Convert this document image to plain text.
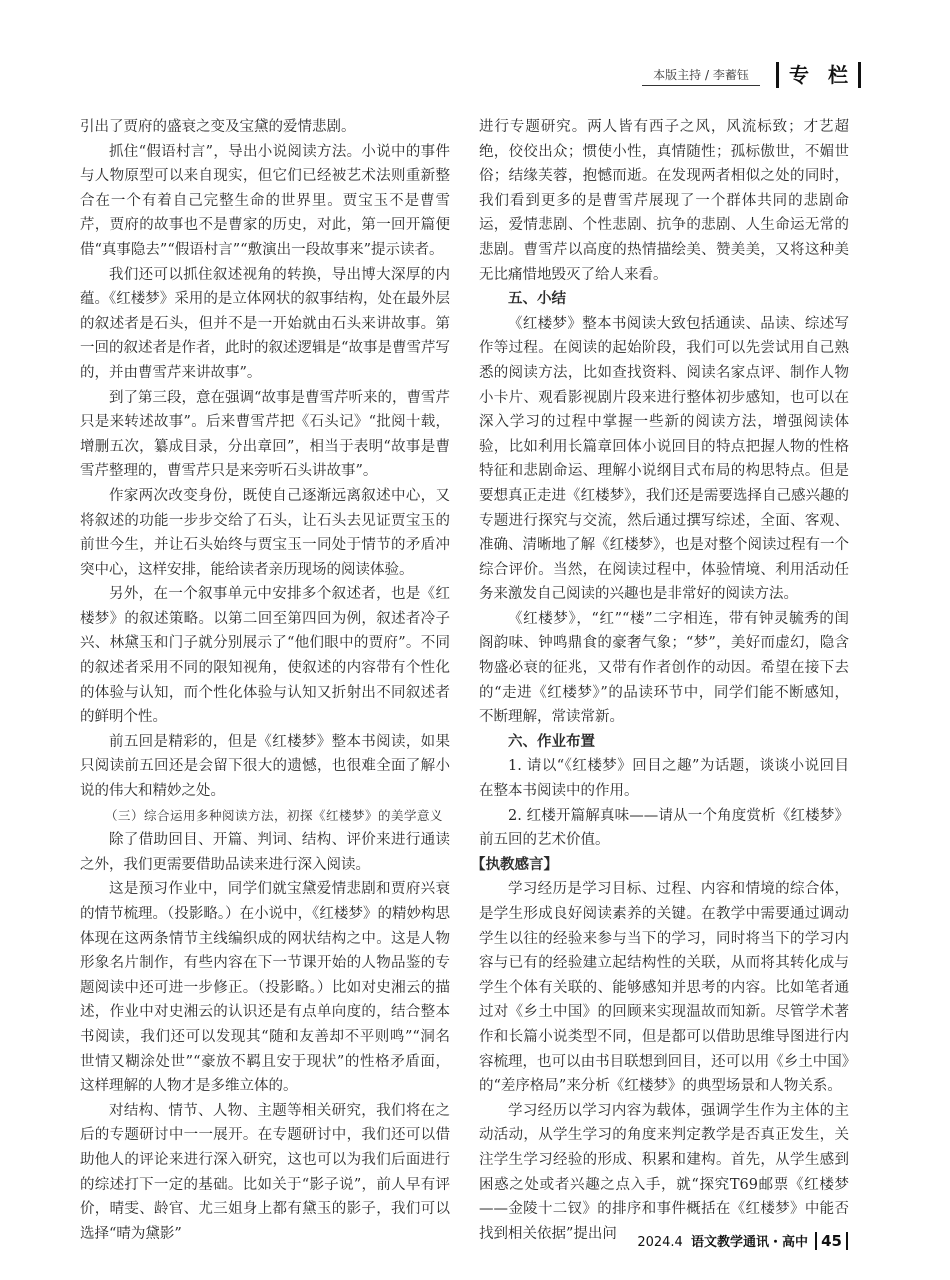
本版主持 / 李蓄钰	专 栏

引出了贾府的盛衰之变及宝黛的爱情悲剧。

抓住“假语村言”，导出小说阅读方法。小说中的事件与人物原型可以来自现实，但它们已经被艺术法则重新整合在一个有着自己完整生命的世界里。贾宝玉不是曹雪芹，贾府的故事也不是曹家的历史，对此，第一回开篇便借“真事隐去”“假语村言”“敷演出一段故事来”提示读者。

我们还可以抓住叙述视角的转换，导出博大深厚的内蕴。《红楼梦》采用的是立体网状的叙事结构，处在最外层的叙述者是石头，但并不是一开始就由石头来讲故事。第一回的叙述者是作者，此时的叙述逻辑是“故事是曹雪芹写的，并由曹雪芹来讲故事”。

到了第三段，意在强调“故事是曹雪芹听来的，曹雪芹只是来转述故事”。后来曹雪芹把《石头记》“批阅十载，增删五次，纂成目录，分出章回”，相当于表明“故事是曹雪芹整理的，曹雪芹只是来旁听石头讲故事”。

作家两次改变身份，既使自己逐渐远离叙述中心，又将叙述的功能一步步交给了石头，让石头去见证贾宝玉的前世今生，并让石头始终与贾宝玉一同处于情节的矛盾冲突中心，这样安排，能给读者亲历现场的阅读体验。

另外，在一个叙事单元中安排多个叙述者，也是《红楼梦》的叙述策略。以第二回至第四回为例，叙述者冷子兴、林黛玉和门子就分别展示了“他们眼中的贾府”。不同的叙述者采用不同的限知视角，使叙述的内容带有个性化的体验与认知，而个性化体验与认知又折射出不同叙述者的鲜明个性。

前五回是精彩的，但是《红楼梦》整本书阅读，如果只阅读前五回还是会留下很大的遗憾，也很难全面了解小说的伟大和精妙之处。

（三）综合运用多种阅读方法，初探《红楼梦》的美学意义

除了借助回目、开篇、判词、结构、评价来进行通读之外，我们更需要借助品读来进行深入阅读。

这是预习作业中，同学们就宝黛爱情悲剧和贾府兴衰的情节梳理。（投影略。）在小说中，《红楼梦》的精妙构思体现在这两条情节主线编织成的网状结构之中。这是人物形象名片制作，有些内容在下一节课开始的人物品鉴的专题阅读中还可进一步修正。（投影略。）比如对史湘云的描述，作业中对史湘云的认识还是有点单向度的，结合整本书阅读，我们还可以发现其“随和友善却不平则鸣”“洞名世情又糊涂处世”“豪放不羁且安于现状”的性格矛盾面，这样理解的人物才是多维立体的。

对结构、情节、人物、主题等相关研究，我们将在之后的专题研讨中一一展开。在专题研讨中，我们还可以借助他人的评论来进行深入研究，这也可以为我们后面进行的综述打下一定的基础。比如关于“影子说”，前人早有评价，晴雯、龄官、尤三姐身上都有黛玉的影子，我们可以选择“晴为黛影”

进行专题研究。两人皆有西子之风，风流标致；才艺超绝，佼佼出众；惯使小性，真情随性；孤标傲世，不媚世俗；结缘芙蓉，抱憾而逝。在发现两者相似之处的同时，我们看到更多的是曹雪芹展现了一个群体共同的悲剧命运，爱情悲剧、个性悲剧、抗争的悲剧、人生命运无常的悲剧。曹雪芹以高度的热情描绘美、赞美美，又将这种美无比痛惜地毁灭了给人来看。

五、小结

《红楼梦》整本书阅读大致包括通读、品读、综述写作等过程。在阅读的起始阶段，我们可以先尝试用自己熟悉的阅读方法，比如查找资料、阅读名家点评、制作人物小卡片、观看影视剧片段来进行整体初步感知，也可以在深入学习的过程中掌握一些新的阅读方法，增强阅读体验，比如利用长篇章回体小说回目的特点把握人物的性格特征和悲剧命运、理解小说纲目式布局的构思特点。但是要想真正走进《红楼梦》，我们还是需要选择自己感兴趣的专题进行探究与交流，然后通过撰写综述，全面、客观、准确、清晰地了解《红楼梦》，也是对整个阅读过程有一个综合评价。当然，在阅读过程中，体验情境、利用活动任务来激发自己阅读的兴趣也是非常好的阅读方法。

《红楼梦》，“红”“楼”二字相连，带有钟灵毓秀的闺阁韵味、钟鸣鼎食的豪奢气象；“梦”，美好而虚幻，隐含物盛必衰的征兆，又带有作者创作的动因。希望在接下去的“走进《红楼梦》”的品读环节中，同学们能不断感知，不断理解，常读常新。

六、作业布置

1. 请以“《红楼梦》回目之趣”为话题，谈谈小说回目在整本书阅读中的作用。

2. 红楼开篇解真味——请从一个角度赏析《红楼梦》前五回的艺术价值。

【执教感言】

学习经历是学习目标、过程、内容和情境的综合体，是学生形成良好阅读素养的关键。在教学中需要通过调动学生以往的经验来参与当下的学习，同时将当下的学习内容与已有的经验建立起结构性的关联，从而将其转化成与学生个体有关联的、能够感知并思考的内容。比如笔者通过对《乡土中国》的回顾来实现温故而知新。尽管学术著作和长篇小说类型不同，但是都可以借助思维导图进行内容梳理，也可以由书目联想到回目，还可以用《乡土中国》的“差序格局”来分析《红楼梦》的典型场景和人物关系。

学习经历以学习内容为载体，强调学生作为主体的主动活动，从学生学习的角度来判定教学是否真正发生，关注学生学习经验的形成、积累和建构。首先，从学生感到困惑之处或者兴趣之点入手，就“探究T69邮票《红楼梦——金陵十二钗》的排序和事件概括在《红楼梦》中能否找到相关依据”提出问

2024.4 语文教学通讯・高中 45
